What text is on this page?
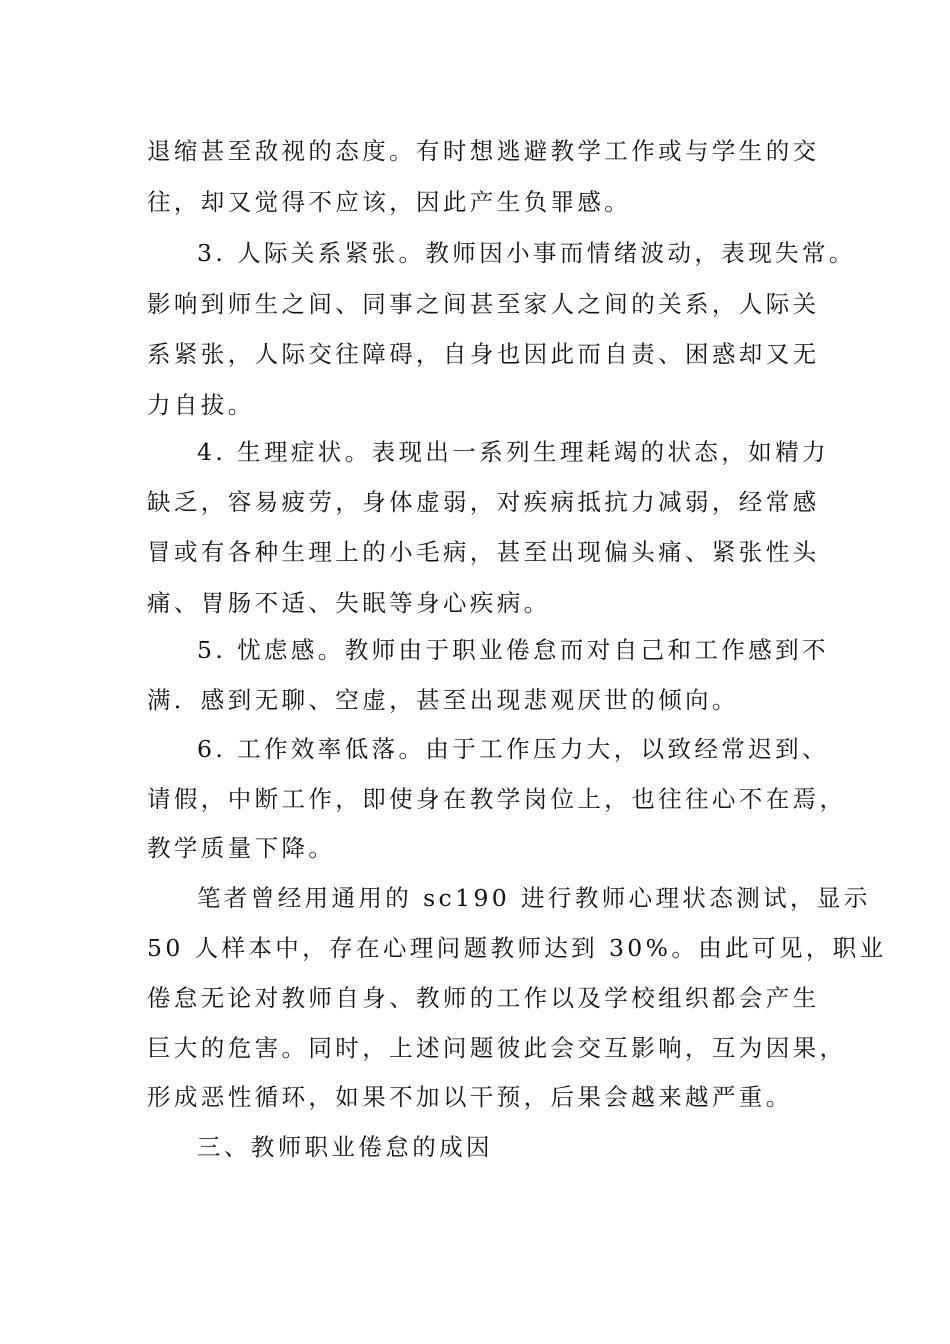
退缩甚至敌视的态度。有时想逃避教学工作或与学生的交
往，却又觉得不应该，因此产生负罪感。
3. 人际关系紧张。教师因小事而情绪波动，表现失常。
影响到师生之间、同事之间甚至家人之间的关系，人际关
系紧张，人际交往障碍，自身也因此而自责、困惑却又无
力自拔。
4. 生理症状。表现出一系列生理耗竭的状态，如精力
缺乏，容易疲劳，身体虚弱，对疾病抵抗力减弱，经常感
冒或有各种生理上的小毛病，甚至出现偏头痛、紧张性头
痛、胃肠不适、失眠等身心疾病。
5. 忧虑感。教师由于职业倦怠而对自己和工作感到不
满．感到无聊、空虚，甚至出现悲观厌世的倾向。
6. 工作效率低落。由于工作压力大，以致经常迟到、
请假，中断工作，即使身在教学岗位上，也往往心不在焉，
教学质量下降。
笔者曾经用通用的 sc190 进行教师心理状态测试，显示
50 人样本中，存在心理问题教师达到 30%。由此可见，职业
倦怠无论对教师自身、教师的工作以及学校组织都会产生
巨大的危害。同时，上述问题彼此会交互影响，互为因果，
形成恶性循环，如果不加以干预，后果会越来越严重。
三、教师职业倦怠的成因
